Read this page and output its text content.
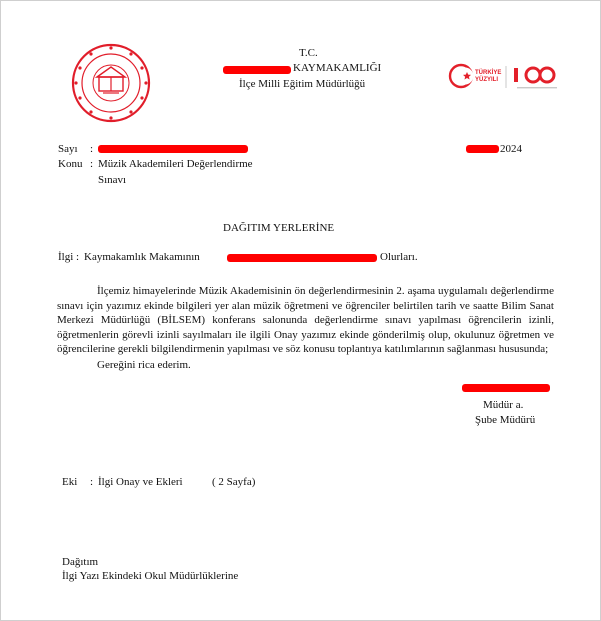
T.C.
KAYMAKAMLIĞI
İlçe Milli Eğitim Müdürlüğü
TÜRKİYE
YÜZYILI
Sayı :	2024
Konu : Müzik Akademileri Değerlendirme
Sınavı
DAĞITIM YERLERİNE
İlgi : Kaymakamlık Makamının	Olurları.

İlçemiz himayelerinde Müzik Akademisinin ön değerlendirmesinin 2. aşama uygulamalı değerlendirme sınavı için yazımız ekinde bilgileri yer alan müzik öğretmeni ve öğrenciler belirtilen tarih ve saatte Bilim Sanat Merkezi Müdürlüğü (BİLSEM) konferans salonunda değerlendirme sınavı yapılması öğrencilerin izinli, öğretmenlerin görevli izinli sayılmaları ile ilgili Onay yazımız ekinde gönderilmiş olup, okulunuz öğretmen ve öğrencilerine gerekli bilgilendirmenin yapılması ve söz konusu toplantıya katılımlarının sağlanması hususunda;

Gereğini rica ederim.

Müdür a.
Şube Müdürü
Eki : İlgi Onay ve Ekleri	( 2 Sayfa)
Dağıtım
İlgi Yazı Ekindeki Okul Müdürlüklerine
